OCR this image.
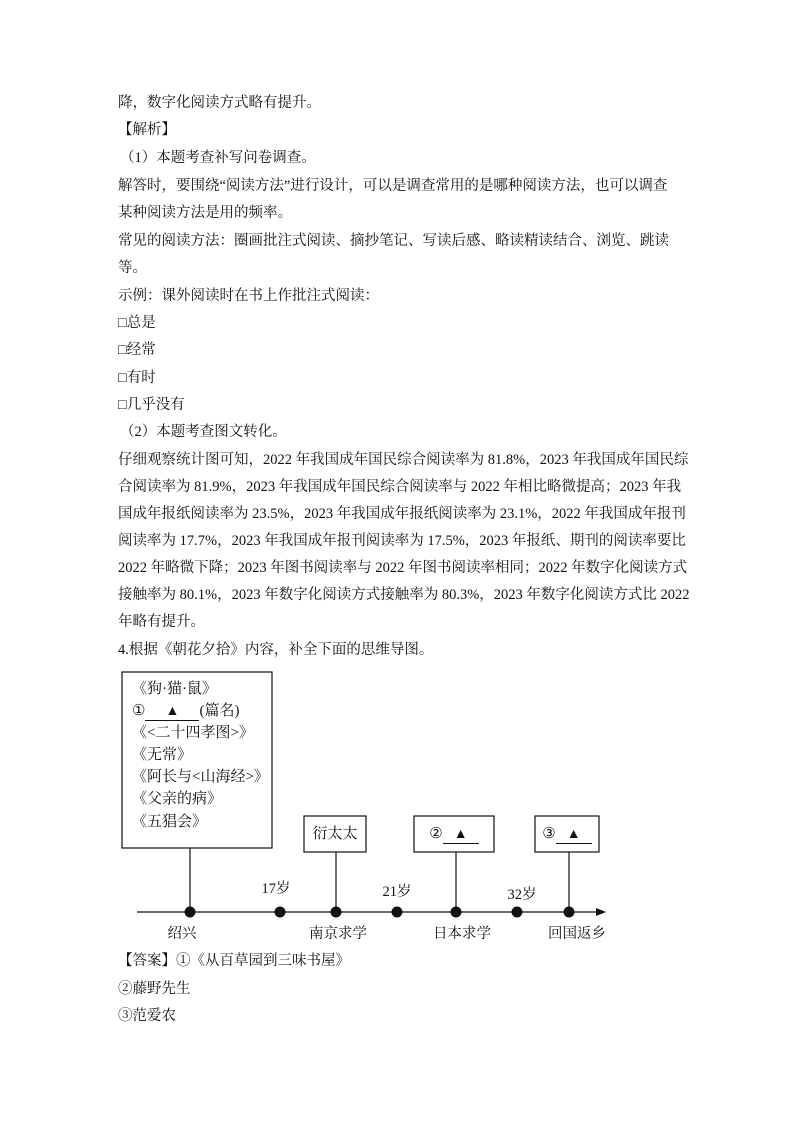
降，数字化阅读方式略有提升。
【解析】
（1）本题考查补写问卷调查。
解答时，要围绕“阅读方法”进行设计，可以是调查常用的是哪种阅读方法，也可以调查
某种阅读方法是用的频率。
常见的阅读方法：圈画批注式阅读、摘抄笔记、写读后感、略读精读结合、浏览、跳读
等。
示例：课外阅读时在书上作批注式阅读：
□总是
□经常
□有时
□几乎没有
（2）本题考查图文转化。
仔细观察统计图可知，2022 年我国成年国民综合阅读率为 81.8%，2023 年我国成年国民综
合阅读率为 81.9%，2023 年我国成年国民综合阅读率与 2022 年相比略微提高；2023 年我
国成年报纸阅读率为 23.5%，2023 年我国成年报纸阅读率为 23.1%，2022 年我国成年报刊
阅读率为 17.7%，2023 年我国成年报刊阅读率为 17.5%，2023 年报纸、期刊的阅读率要比
2022 年略微下降；2023 年图书阅读率与 2022 年图书阅读率相同；2022 年数字化阅读方式
接触率为 80.1%，2023 年数字化阅读方式接触率为 80.3%，2023 年数字化阅读方式比 2022
年略有提升。
4.根据《朝花夕拾》内容，补全下面的思维导图。
《狗·猫·鼠》
① ▲ (篇名)
《<二十四孝图>》
《无常》
《阿长与<山海经>》
《父亲的病》
《五猖会》
衍太太	② ▲	③ ▲
17岁	21岁	32岁
绍兴	南京求学	日本求学	回国返乡
【答案】①《从百草园到三味书屋》
②藤野先生
③范爱农
